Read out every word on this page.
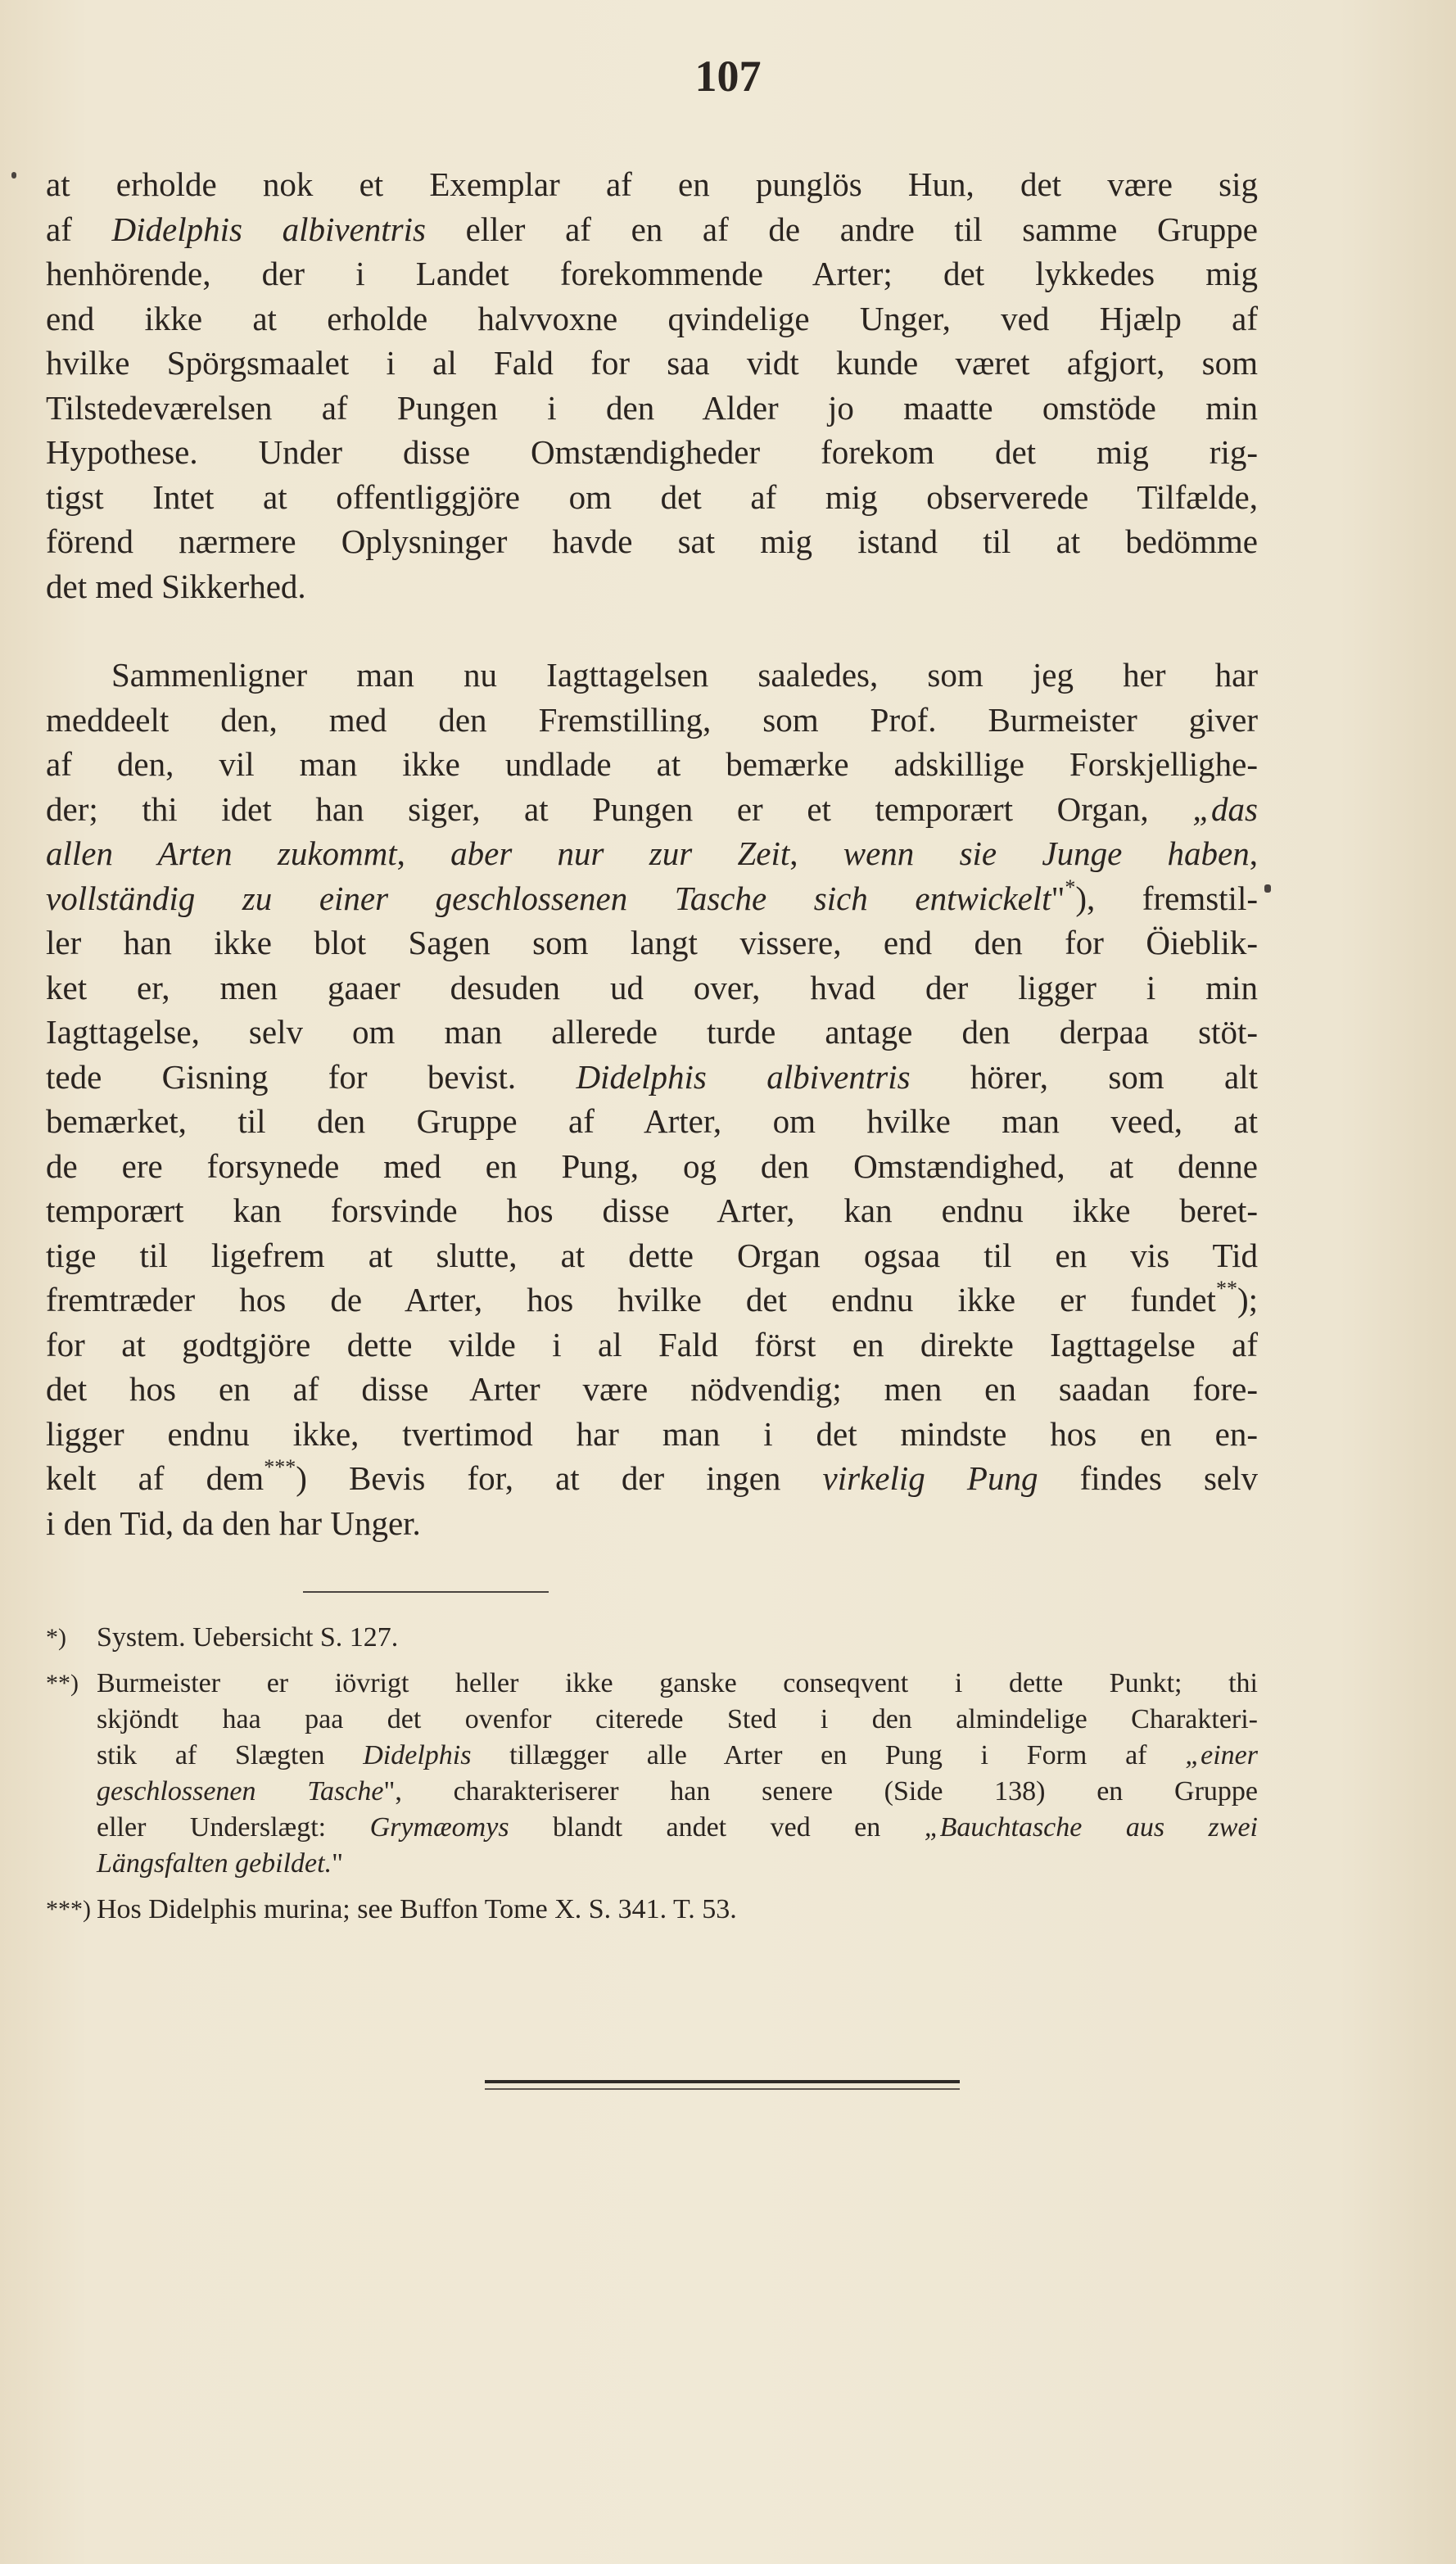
107

at erholde nok et Exemplar af en punglös Hun, det være sig
af Didelphis albiventris eller af en af de andre til samme Gruppe
henhörende, der i Landet forekommende Arter; det lykkedes mig
end ikke at erholde halvvoxne qvindelige Unger, ved Hjælp af
hvilke Spörgsmaalet i al Fald for saa vidt kunde været afgjort, som
Tilstedeværelsen af Pungen i den Alder jo maatte omstöde min
Hypothese. Under disse Omstændigheder forekom det mig rig-
tigst Intet at offentliggjöre om det af mig observerede Tilfælde,
förend nærmere Oplysninger havde sat mig istand til at bedömme
det med Sikkerhed.

Sammenligner man nu Iagttagelsen saaledes, som jeg her har
meddeelt den, med den Fremstilling, som Prof. Burmeister giver
af den, vil man ikke undlade at bemærke adskillige Forskjellighe-
der; thi idet han siger, at Pungen er et temporært Organ, „das
allen Arten zukommt, aber nur zur Zeit, wenn sie Junge haben,
vollständig zu einer geschlossenen Tasche sich entwickelt"*), fremstil-
ler han ikke blot Sagen som langt vissere, end den for Öieblik-
ket er, men gaaer desuden ud over, hvad der ligger i min
Iagttagelse, selv om man allerede turde antage den derpaa stöt-
tede Gisning for bevist. Didelphis albiventris hörer, som alt
bemærket, til den Gruppe af Arter, om hvilke man veed, at
de ere forsynede med en Pung, og den Omstændighed, at denne
temporært kan forsvinde hos disse Arter, kan endnu ikke beret-
tige til ligefrem at slutte, at dette Organ ogsaa til en vis Tid
fremtræder hos de Arter, hos hvilke det endnu ikke er fundet**);
for at godtgjöre dette vilde i al Fald först en direkte Iagttagelse af
det hos en af disse Arter være nödvendig; men en saadan fore-
ligger endnu ikke, tvertimod har man i det mindste hos en en-
kelt af dem***) Bevis for, at der ingen virkelig Pung findes selv
i den Tid, da den har Unger.

*) System. Uebersicht S. 127.
**) Burmeister er iövrigt heller ikke ganske conseqvent i dette Punkt; thi
skjöndt haa paa det ovenfor citerede Sted i den almindelige Charakteri-
stik af Slægten Didelphis tillægger alle Arter en Pung i Form af „einer
geschlossenen Tasche", charakteriserer han senere (Side 138) en Gruppe
eller Underslægt: Grymæomys blandt andet ved en „Bauchtasche aus zwei
Längsfalten gebildet."
***) Hos Didelphis murina; see Buffon Tome X. S. 341. T. 53.
